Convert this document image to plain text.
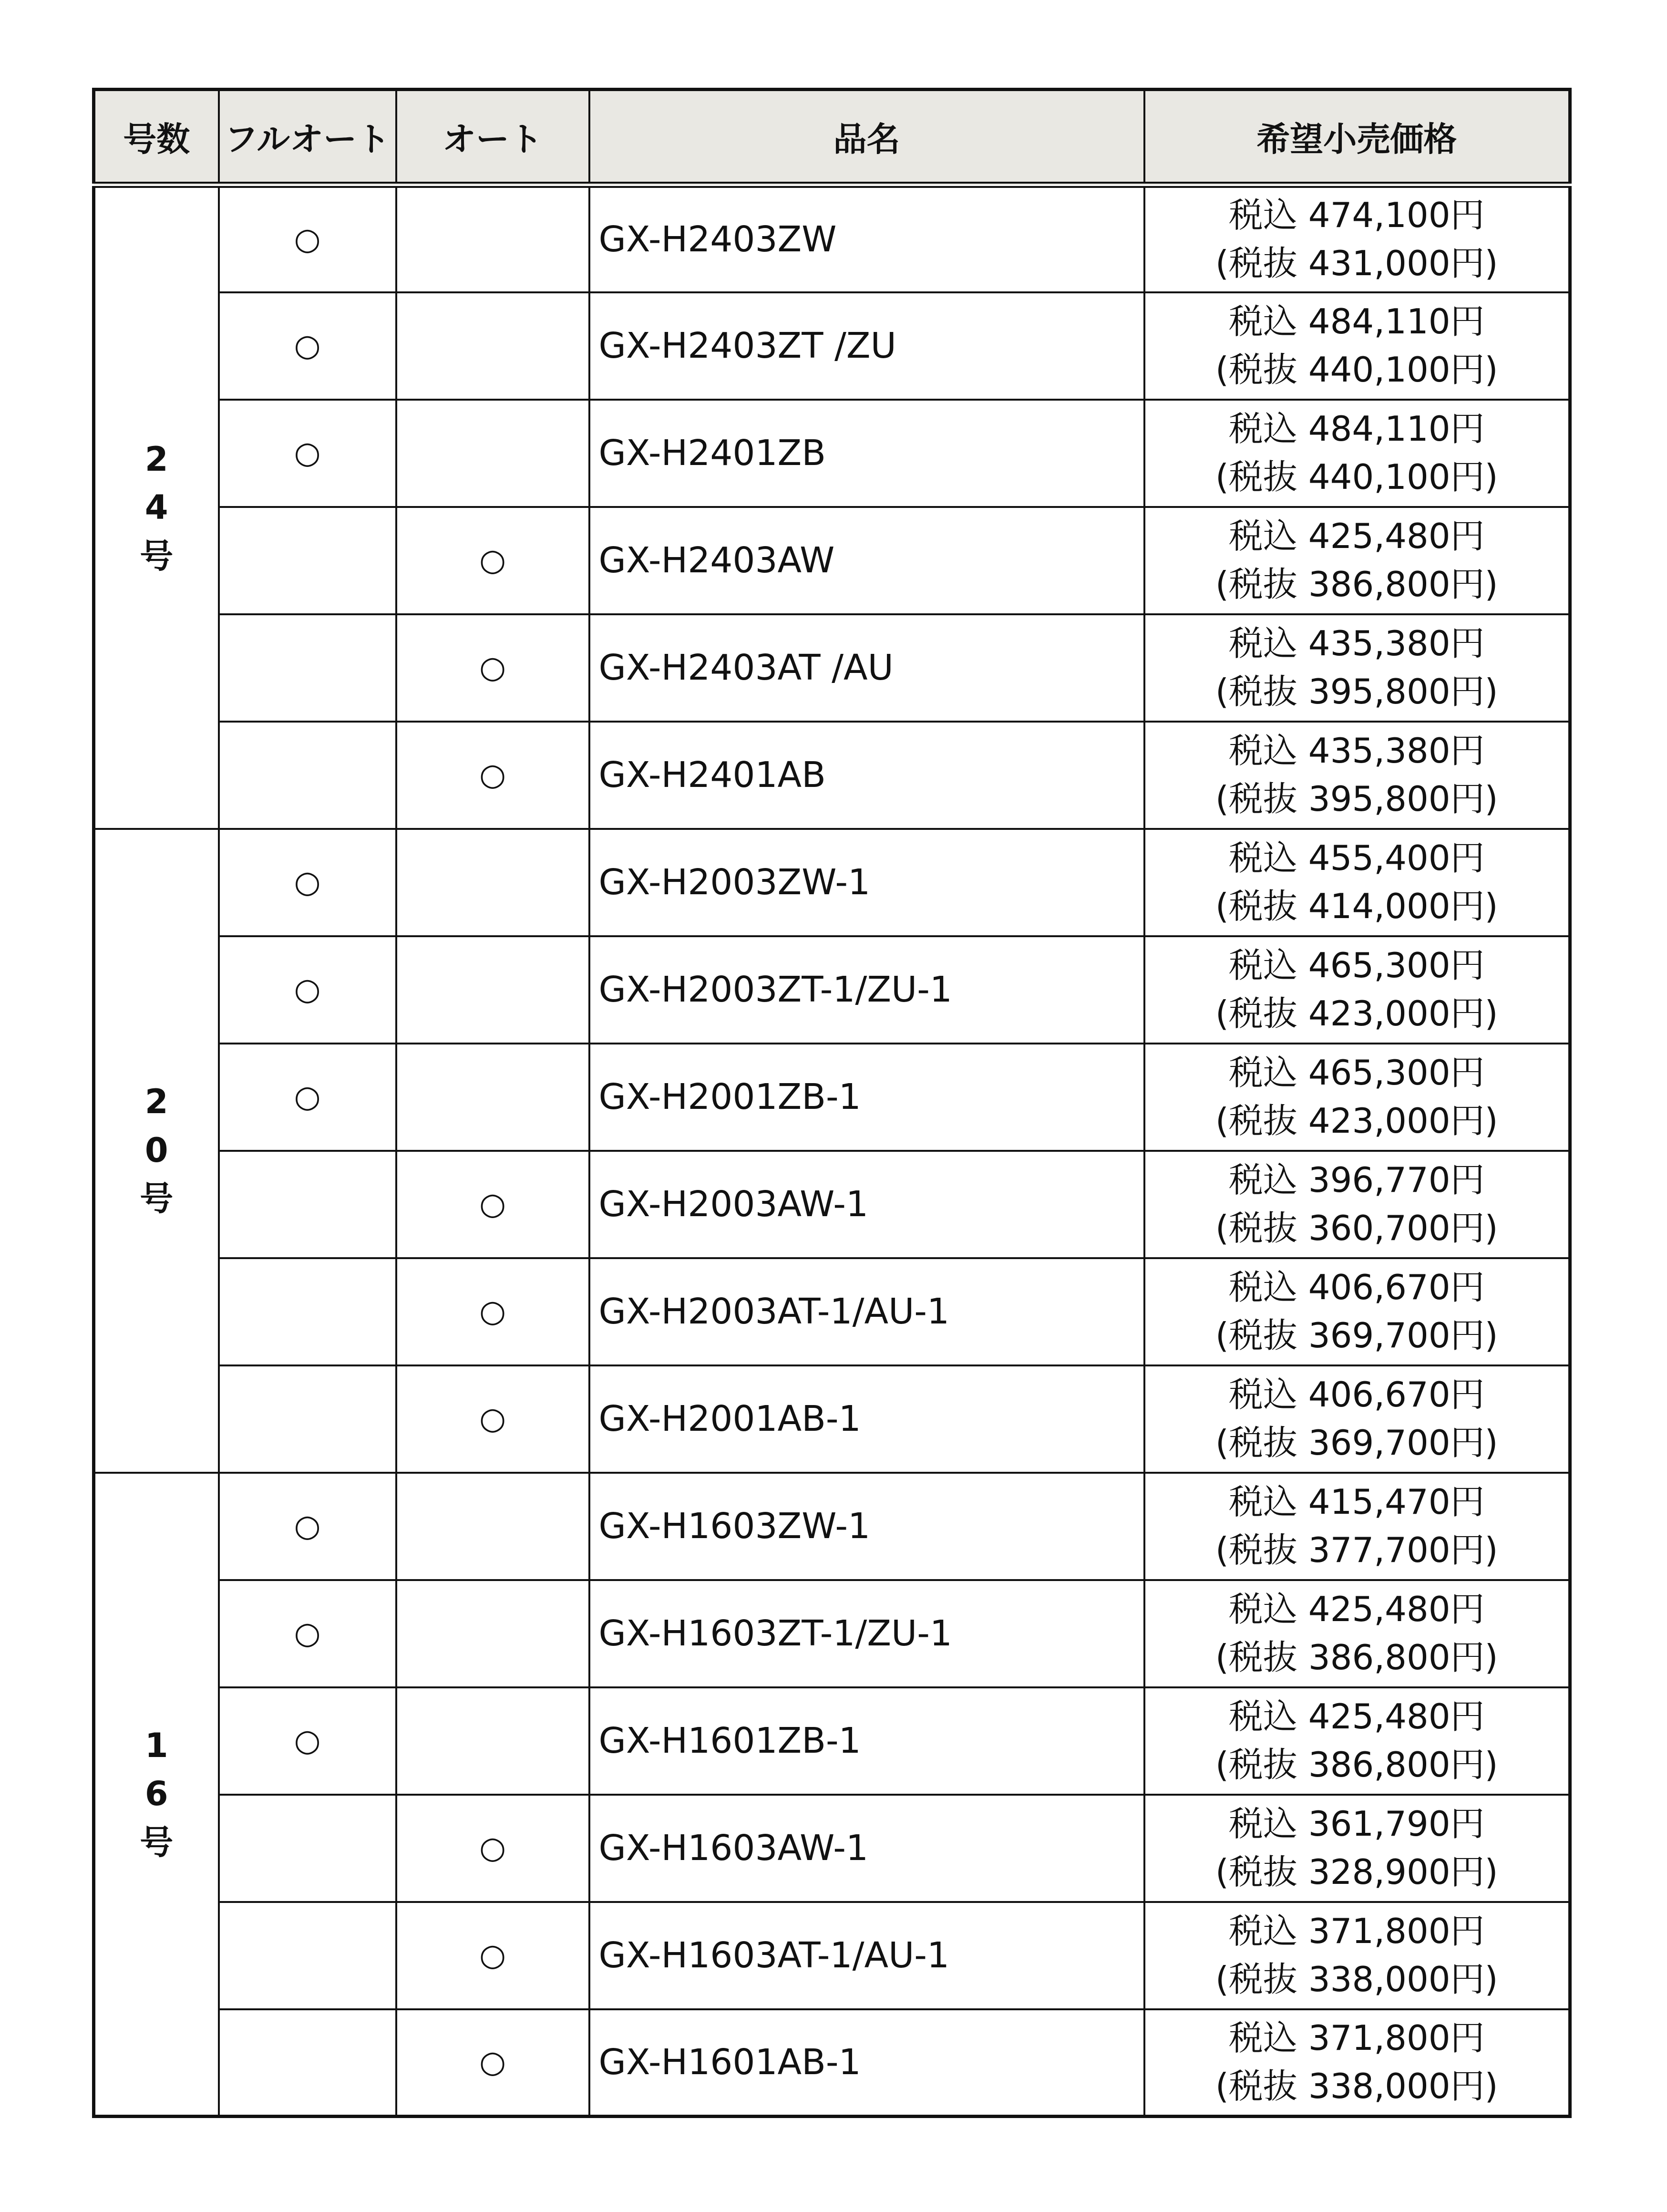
号数	フルオート	オート	品名	希望小売価格

2
4
号	○		GX-H2403ZW	税込 474,100円
(税抜 431,000円)

	○		GX-H2403ZT /ZU	税込 484,110円
(税抜 440,100円)

	○		GX-H2401ZB	税込 484,110円
(税抜 440,100円)

		○	GX-H2403AW	税込 425,480円
(税抜 386,800円)

		○	GX-H2403AT /AU	税込 435,380円
(税抜 395,800円)

		○	GX-H2401AB	税込 435,380円
(税抜 395,800円)

2
0
号	○		GX-H2003ZW-1	税込 455,400円
(税抜 414,000円)

	○		GX-H2003ZT-1/ZU-1	税込 465,300円
(税抜 423,000円)

	○		GX-H2001ZB-1	税込 465,300円
(税抜 423,000円)

		○	GX-H2003AW-1	税込 396,770円
(税抜 360,700円)

		○	GX-H2003AT-1/AU-1	税込 406,670円
(税抜 369,700円)

		○	GX-H2001AB-1	税込 406,670円
(税抜 369,700円)

1
6
号	○		GX-H1603ZW-1	税込 415,470円
(税抜 377,700円)

	○		GX-H1603ZT-1/ZU-1	税込 425,480円
(税抜 386,800円)

	○		GX-H1601ZB-1	税込 425,480円
(税抜 386,800円)

		○	GX-H1603AW-1	税込 361,790円
(税抜 328,900円)

		○	GX-H1603AT-1/AU-1	税込 371,800円
(税抜 338,000円)

		○	GX-H1601AB-1	税込 371,800円
(税抜 338,000円)
